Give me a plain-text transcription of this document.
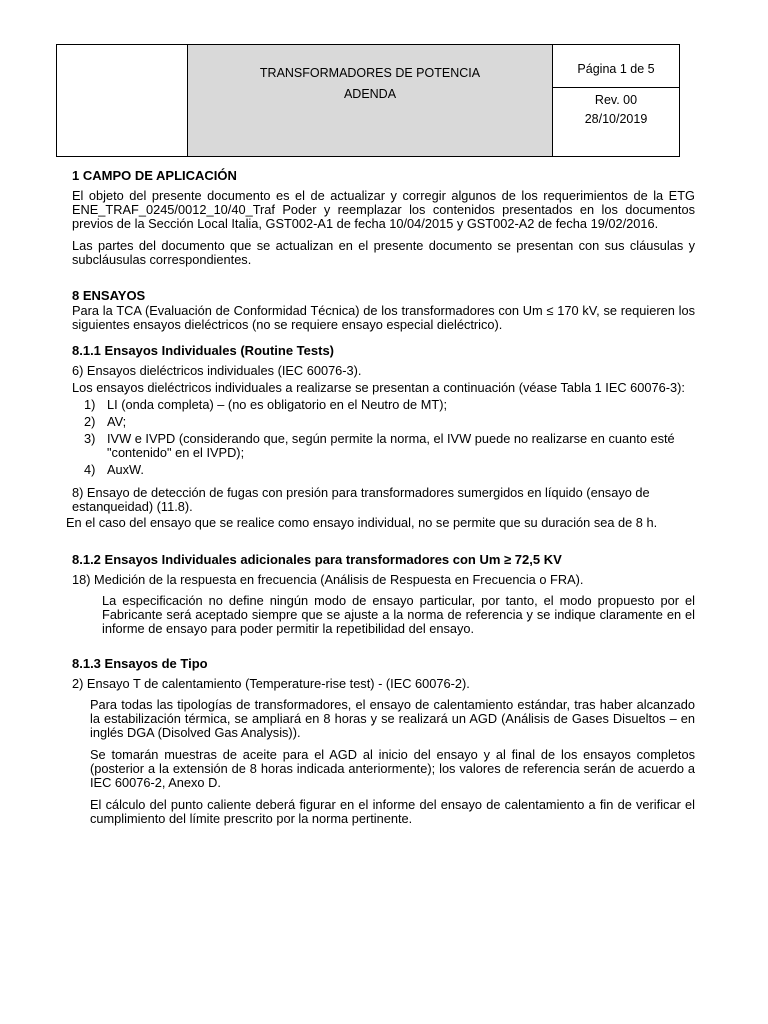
TRANSFORMADORES DE POTENCIA
ADENDA
Página 1 de 5
Rev. 00
28/10/2019
1 CAMPO DE APLICACIÓN

El objeto del presente documento es el de actualizar y corregir algunos de los requerimientos de la ETG ENE_TRAF_0245/0012_10/40_Traf Poder y reemplazar los contenidos presentados en los documentos previos de la Sección Local Italia, GST002-A1 de fecha 10/04/2015 y GST002-A2 de fecha 19/02/2016.

Las partes del documento que se actualizan en el presente documento se presentan con sus cláusulas y subcláusulas correspondientes.

8 ENSAYOS

Para la TCA (Evaluación de Conformidad Técnica) de los transformadores con Um ≤ 170 kV, se requieren los siguientes ensayos dieléctricos (no se requiere ensayo especial dieléctrico).

8.1.1 Ensayos Individuales (Routine Tests)

6) Ensayos dieléctricos individuales (IEC 60076-3).

Los ensayos dieléctricos individuales a realizarse se presentan a continuación (véase Tabla 1 IEC 60076-3):

1) LI (onda completa) – (no es obligatorio en el Neutro de MT);
2) AV;
3) IVW e IVPD (considerando que, según permite la norma, el IVW puede no realizarse en cuanto esté "contenido" en el IVPD);
4) AuxW.

8) Ensayo de detección de fugas con presión para transformadores sumergidos en líquido (ensayo de estanqueidad) (11.8).

En el caso del ensayo que se realice como ensayo individual, no se permite que su duración sea de 8 h.

8.1.2 Ensayos Individuales adicionales para transformadores con Um ≥ 72,5 KV

18) Medición de la respuesta en frecuencia (Análisis de Respuesta en Frecuencia o FRA).

La especificación no define ningún modo de ensayo particular, por tanto, el modo propuesto por el Fabricante será aceptado siempre que se ajuste a la norma de referencia y se indique claramente en el informe de ensayo para poder permitir la repetibilidad del ensayo.

8.1.3 Ensayos de Tipo

2) Ensayo T de calentamiento (Temperature-rise test) - (IEC 60076-2).

Para todas las tipologías de transformadores, el ensayo de calentamiento estándar, tras haber alcanzado la estabilización térmica, se ampliará en 8 horas y se realizará un AGD (Análisis de Gases Disueltos – en inglés DGA (Disolved Gas Analysis)).

Se tomarán muestras de aceite para el AGD al inicio del ensayo y al final de los ensayos completos (posterior a la extensión de 8 horas indicada anteriormente); los valores de referencia serán de acuerdo a IEC 60076-2, Anexo D.

El cálculo del punto caliente deberá figurar en el informe del ensayo de calentamiento a fin de verificar el cumplimiento del límite prescrito por la norma pertinente.
